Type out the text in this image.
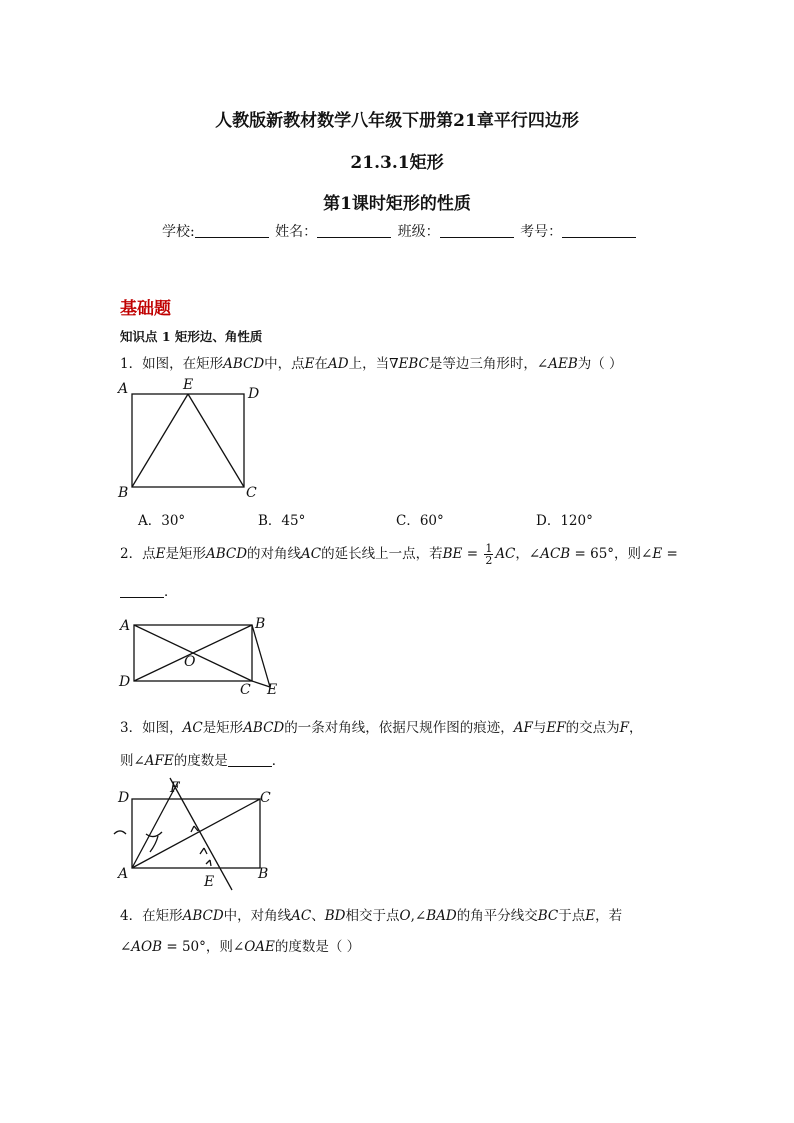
人教版新教材数学八年级下册第21章平行四边形
21.3.1矩形
第1课时矩形的性质
学校:	姓名：	班级：	考号：
基础题
知识点 1 矩形边、角性质
1．如图，在矩形ABCD中，点E在AD上，当∇EBC是等边三角形时，∠AEB为（ ）
A	E
D
B	C
A．30°	B．45°	C．60°	D．120°
2．点E是矩形ABCD的对角线AC的延长线上一点，若BE = $\frac{1}{2}$ AC，∠ACB = 65°，则∠E =
．
A	B
D
O
C E
3．如图，AC是矩形ABCD的一条对角线，依据尺规作图的痕迹，AF与EF的交点为F，
则∠AFE的度数是	．
D
F
C
A	E	B
4．在矩形ABCD中，对角线AC、BD相交于点O,∠BAD的角平分线交BC于点E，若
∠AOB = 50°，则∠OAE的度数是（ ）
